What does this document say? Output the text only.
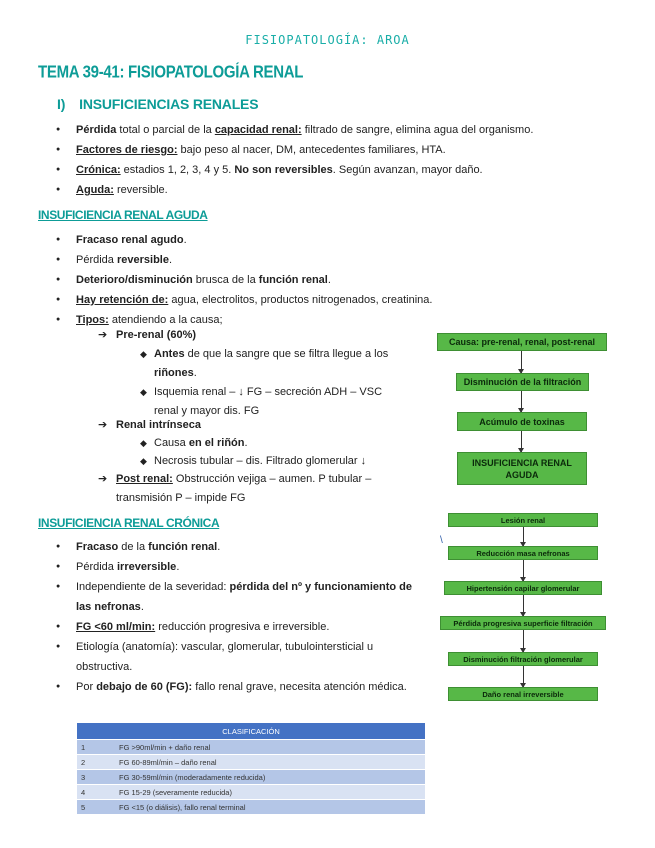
FISIOPATOLOGÍA: AROA
TEMA 39-41: FISIOPATOLOGÍA RENAL
I) INSUFICIENCIAS RENALES
● Pérdida total o parcial de la capacidad renal: filtrado de sangre, elimina agua del organismo.
● Factores de riesgo: bajo peso al nacer, DM, antecedentes familiares, HTA.
● Crónica: estadios 1, 2, 3, 4 y 5. No son reversibles. Según avanzan, mayor daño.
● Aguda: reversible.
INSUFICIENCIA RENAL AGUDA
● Fracaso renal agudo.
● Pérdida reversible.
● Deterioro/disminución brusca de la función renal.
● Hay retención de: agua, electrolitos, productos nitrogenados, creatinina.
● Tipos: atendiendo a la causa;
➔ Pre-renal (60%)
◆ Antes de que la sangre que se filtra llegue a los riñones.
◆ Isquemia renal – ↓ FG – secreción ADH – VSC renal y mayor dis. FG
➔ Renal intrínseca
◆ Causa en el riñón.
◆ Necrosis tubular – dis. Filtrado glomerular ↓
➔ Post renal: Obstrucción vejiga – aumen. P tubular – transmisión P – impide FG
INSUFICIENCIA RENAL CRÓNICA
● Fracaso de la función renal.
● Pérdida irreversible.
● Independiente de la severidad: pérdida del nº y funcionamiento de las nefronas.
● FG <60 ml/min: reducción progresiva e irreversible.
● Etiología (anatomía): vascular, glomerular, tubulointersticial u obstructiva.
● Por debajo de 60 (FG): fallo renal grave, necesita atención médica.
Causa: pre-renal, renal, post-renal
Disminución de la filtración
Acúmulo de toxinas
INSUFICIENCIA RENAL AGUDA
\
Lesión renal
Reducción masa nefronas
Hipertensión capilar glomerular
Pérdida progresiva superficie filtración
Disminución filtración glomerular
Daño renal irreversible
CLASIFICACIÓN	
1	FG >90ml/min + daño renal
2	FG 60-89ml/min – daño renal
3	FG 30-59ml/min (moderadamente reducida)
4	FG 15-29 (severamente reducida)
5	FG <15 (o diálisis), fallo renal terminal
